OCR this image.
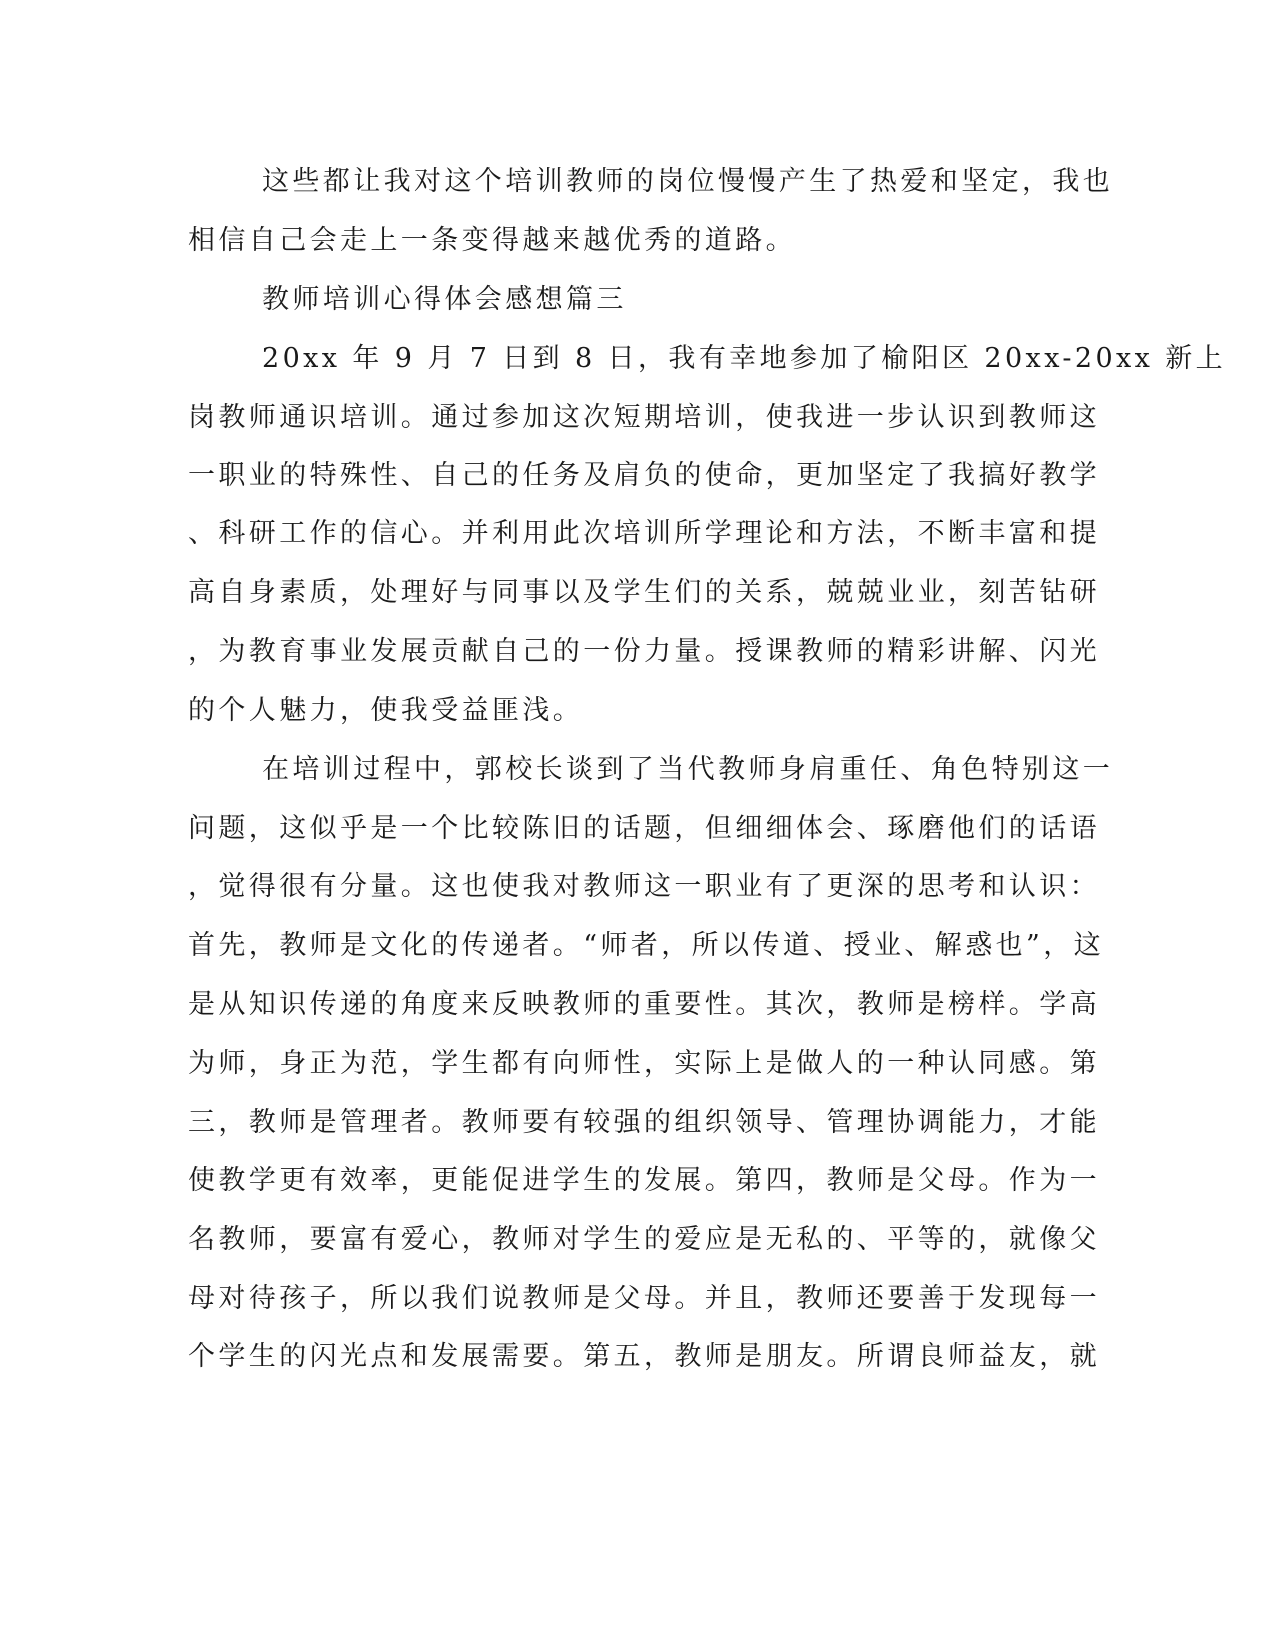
这些都让我对这个培训教师的岗位慢慢产生了热爱和坚定，我也
相信自己会走上一条变得越来越优秀的道路。
教师培训心得体会感想篇三
20xx 年 9 月 7 日到 8 日，我有幸地参加了榆阳区 20xx-20xx 新上
岗教师通识培训。通过参加这次短期培训，使我进一步认识到教师这
一职业的特殊性、自己的任务及肩负的使命，更加坚定了我搞好教学
、科研工作的信心。并利用此次培训所学理论和方法，不断丰富和提
高自身素质，处理好与同事以及学生们的关系，兢兢业业，刻苦钻研
，为教育事业发展贡献自己的一份力量。授课教师的精彩讲解、闪光
的个人魅力，使我受益匪浅。
在培训过程中，郭校长谈到了当代教师身肩重任、角色特别这一
问题，这似乎是一个比较陈旧的话题，但细细体会、琢磨他们的话语
，觉得很有分量。这也使我对教师这一职业有了更深的思考和认识：
首先，教师是文化的传递者。“师者，所以传道、授业、解惑也”，这
是从知识传递的角度来反映教师的重要性。其次，教师是榜样。学高
为师，身正为范，学生都有向师性，实际上是做人的一种认同感。第
三，教师是管理者。教师要有较强的组织领导、管理协调能力，才能
使教学更有效率，更能促进学生的发展。第四，教师是父母。作为一
名教师，要富有爱心，教师对学生的爱应是无私的、平等的，就像父
母对待孩子，所以我们说教师是父母。并且，教师还要善于发现每一
个学生的闪光点和发展需要。第五，教师是朋友。所谓良师益友，就
